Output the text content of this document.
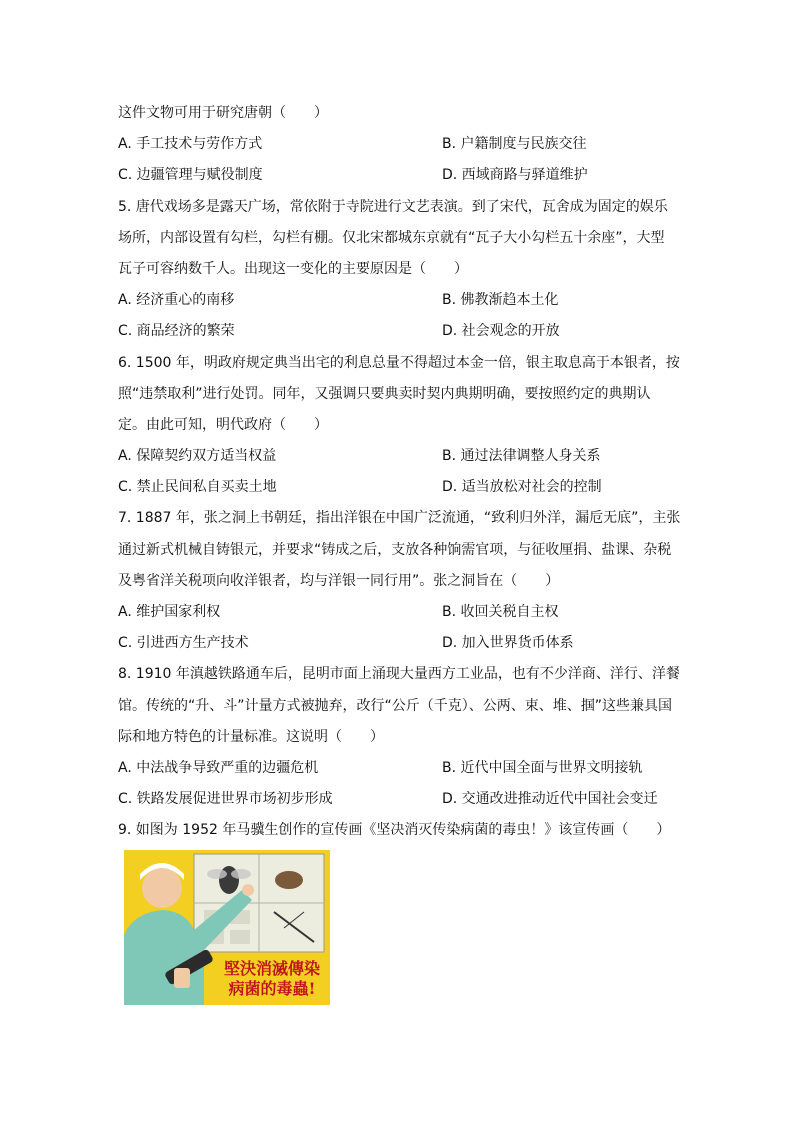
这件文物可用于研究唐朝（　　）
A. 手工技术与劳作方式	B. 户籍制度与民族交往
C. 边疆管理与赋役制度	D. 西域商路与驿道维护
5. 唐代戏场多是露天广场，常依附于寺院进行文艺表演。到了宋代，瓦舍成为固定的娱乐
场所，内部设置有勾栏，勾栏有棚。仅北宋都城东京就有“瓦子大小勾栏五十余座”，大型
瓦子可容纳数千人。出现这一变化的主要原因是（　　）
A. 经济重心的南移	B. 佛教渐趋本土化
C. 商品经济的繁荣	D. 社会观念的开放
6. 1500 年，明政府规定典当出宅的利息总量不得超过本金一倍，银主取息高于本银者，按
照“违禁取利”进行处罚。同年，又强调只要典卖时契内典期明确，要按照约定的典期认
定。由此可知，明代政府（　　）
A. 保障契约双方适当权益	B. 通过法律调整人身关系
C. 禁止民间私自买卖土地	D. 适当放松对社会的控制
7. 1887 年，张之洞上书朝廷，指出洋银在中国广泛流通，“致利归外洋，漏卮无底”，主张
通过新式机械自铸银元，并要求“铸成之后，支放各种饷需官项，与征收厘捐、盐课、杂税
及粤省洋关税项向收洋银者，均与洋银一同行用”。张之洞旨在（　　）
A. 维护国家利权	B. 收回关税自主权
C. 引进西方生产技术	D. 加入世界货币体系
8. 1910 年滇越铁路通车后，昆明市面上涌现大量西方工业品，也有不少洋商、洋行、洋餐
馆。传统的“升、斗”计量方式被抛弃，改行“公斤（千克）、公两、束、堆、掴”这些兼具国
际和地方特色的计量标准。这说明（　　）
A. 中法战争导致严重的边疆危机	B. 近代中国全面与世界文明接轨
C. 铁路发展促进世界市场初步形成	D. 交通改进推动近代中国社会变迁
9. 如图为 1952 年马骥生创作的宣传画《坚决消灭传染病菌的毒虫！》该宣传画（　　）
堅決消滅傳染
病菌的毒蟲!
